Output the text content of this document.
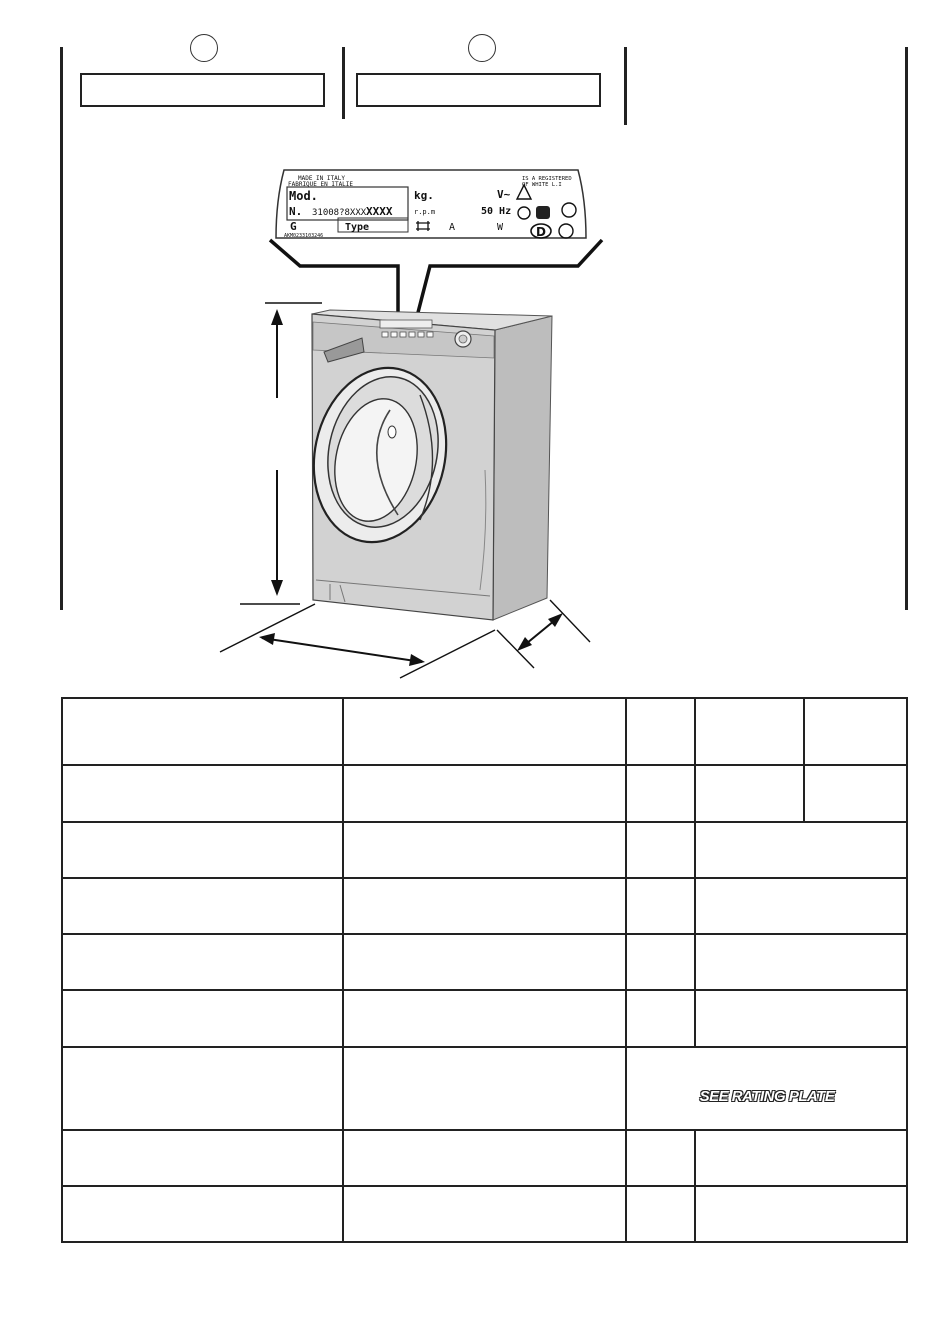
MADE IN ITALY
FABRIQUE EN ITALIE
IS A REGISTERED
OF WHITE L.I
Mod.	kg.	V~
N. 31008?8XXX XXXX	r.p.m	50 Hz
G	Type	A	W
AKM0233103246	D
SEE RATING PLATE
